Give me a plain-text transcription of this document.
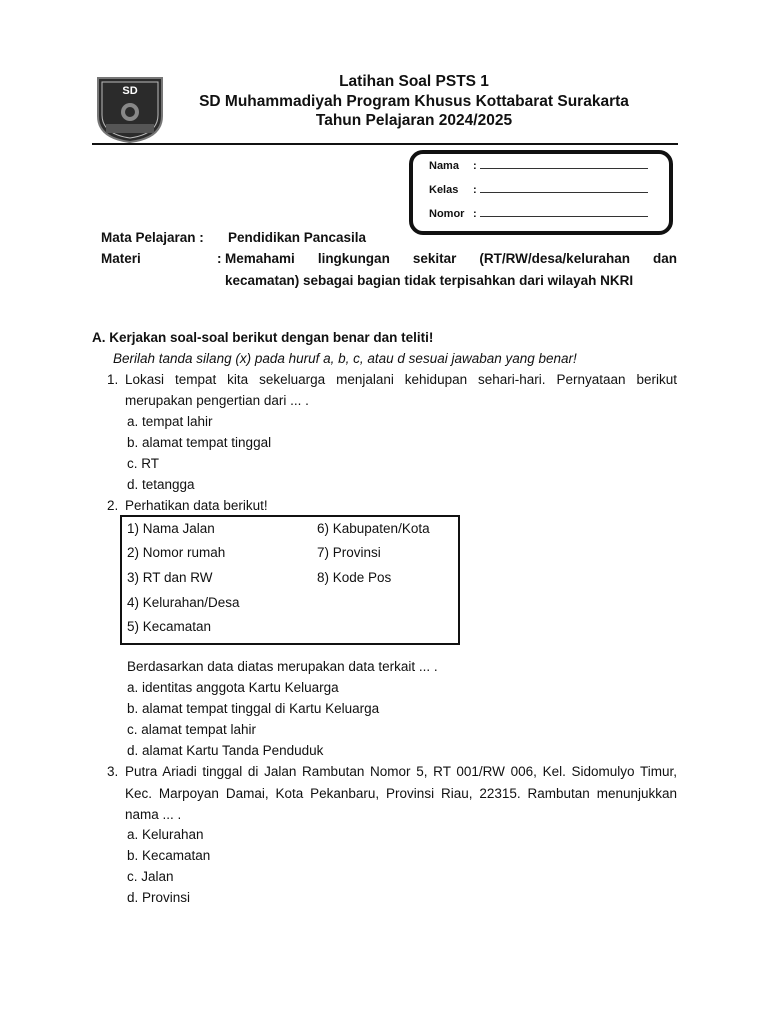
SD
Latihan Soal PSTS 1
SD Muhammadiyah Program Khusus Kottabarat Surakarta
Tahun Pelajaran 2024/2025
Nama :
Kelas :
Nomor :
Mata Pelajaran : Pendidikan Pancasila
Materi	: Memahami lingkungan sekitar (RT/RW/desa/kelurahan dan kecamatan) sebagai bagian tidak terpisahkan dari wilayah NKRI
A. Kerjakan soal-soal berikut dengan benar dan teliti!
Berilah tanda silang (x) pada huruf a, b, c, atau d sesuai jawaban yang benar!
1. Lokasi tempat kita sekeluarga menjalani kehidupan sehari-hari. Pernyataan berikut merupakan pengertian dari ... .
a. tempat lahir
b. alamat tempat tinggal
c. RT
d. tetangga
2. Perhatikan data berikut!
1) Nama Jalan
2) Nomor rumah
3) RT dan RW
4) Kelurahan/Desa
5) Kecamatan
6) Kabupaten/Kota
7) Provinsi
8) Kode Pos
Berdasarkan data diatas merupakan data terkait ... .
a. identitas anggota Kartu Keluarga
b. alamat tempat tinggal di Kartu Keluarga
c. alamat tempat lahir
d. alamat Kartu Tanda Penduduk
3. Putra Ariadi tinggal di Jalan Rambutan Nomor 5, RT 001/RW 006, Kel. Sidomulyo Timur, Kec. Marpoyan Damai, Kota Pekanbaru, Provinsi Riau, 22315. Rambutan menunjukkan nama ... .
a. Kelurahan
b. Kecamatan
c. Jalan
d. Provinsi
